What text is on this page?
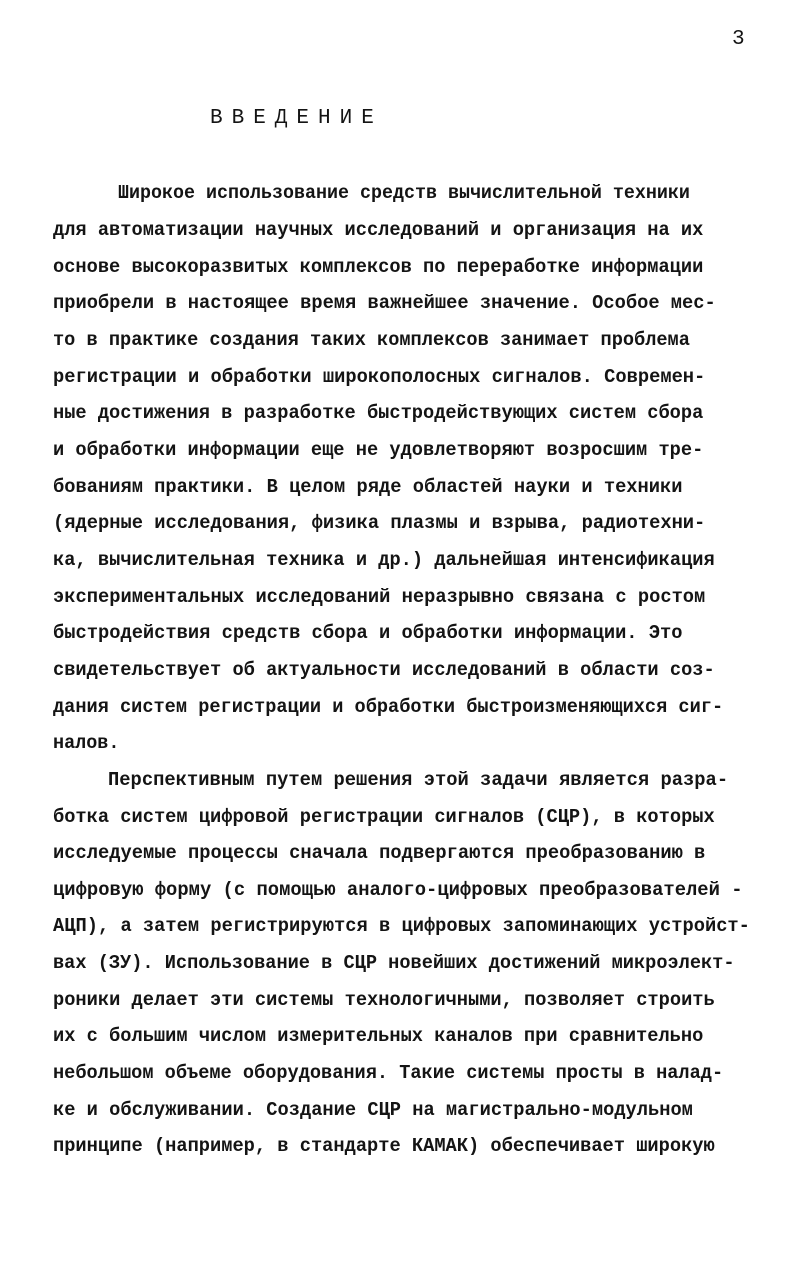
3
ВВЕДЕНИЕ
Широкое использование средств вычислительной техники
для автоматизации научных исследований и организация на их
основе высокоразвитых комплексов по переработке информации
приобрели в настоящее время важнейшее значение. Особое мес-
то в практике создания таких комплексов занимает проблема
регистрации и обработки широкополосных сигналов. Современ-
ные достижения в разработке быстродействующих систем сбора
и обработки информации еще не удовлетворяют возросшим тре-
бованиям практики. В целом ряде областей науки и техники
(ядерные исследования, физика плазмы и взрыва, радиотехни-
ка, вычислительная техника и др.) дальнейшая интенсификация
экспериментальных исследований неразрывно связана с ростом
быстродействия средств сбора и обработки информации. Это
свидетельствует об актуальности исследований в области соз-
дания систем регистрации и обработки быстроизменяющихся сиг-
налов.
Перспективным путем решения этой задачи является разра-
ботка систем цифровой регистрации сигналов (СЦР), в которых
исследуемые процессы сначала подвергаются преобразованию в
цифровую форму (с помощью аналого-цифровых преобразователей -
АЦП), а затем регистрируются в цифровых запоминающих устройст-
вах (ЗУ). Использование в СЦР новейших достижений микроэлект-
роники делает эти системы технологичными, позволяет строить
их с большим числом измерительных каналов при сравнительно
небольшом объеме оборудования. Такие системы просты в налад-
ке и обслуживании. Создание СЦР на магистрально-модульном
принципе (например, в стандарте КАМАК) обеспечивает широкую
